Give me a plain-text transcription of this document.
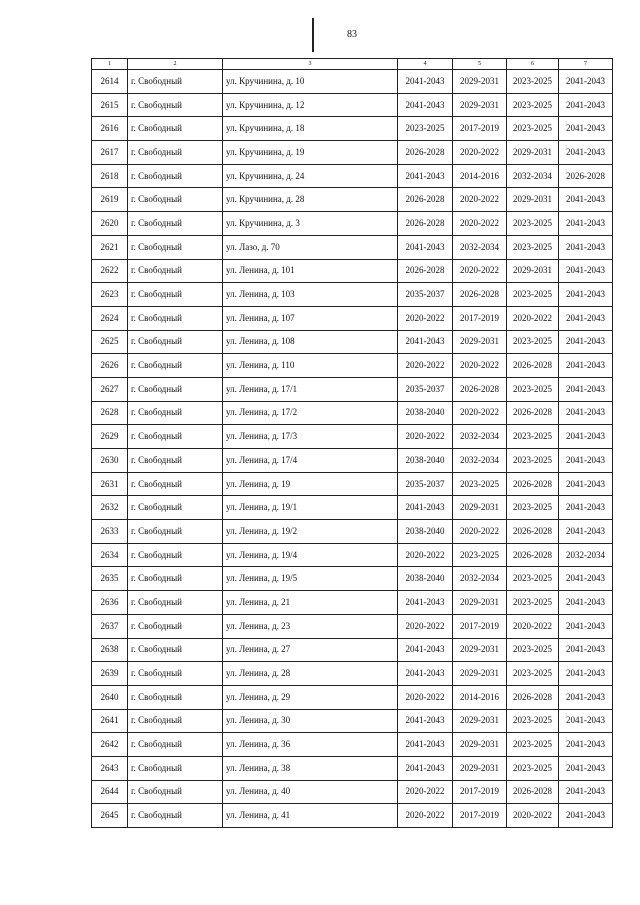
83
1	2	3	4	5	6	7
2614	г. Свободный	ул. Кручинина, д. 10	2041-2043	2029-2031	2023-2025	2041-2043
2615	г. Свободный	ул. Кручинина, д. 12	2041-2043	2029-2031	2023-2025	2041-2043
2616	г. Свободный	ул. Кручинина, д. 18	2023-2025	2017-2019	2023-2025	2041-2043
2617	г. Свободный	ул. Кручинина, д. 19	2026-2028	2020-2022	2029-2031	2041-2043
2618	г. Свободный	ул. Кручинина, д. 24	2041-2043	2014-2016	2032-2034	2026-2028
2619	г. Свободный	ул. Кручинина, д. 28	2026-2028	2020-2022	2029-2031	2041-2043
2620	г. Свободный	ул. Кручинина, д. 3	2026-2028	2020-2022	2023-2025	2041-2043
2621	г. Свободный	ул. Лазо, д. 70	2041-2043	2032-2034	2023-2025	2041-2043
2622	г. Свободный	ул. Ленина, д. 101	2026-2028	2020-2022	2029-2031	2041-2043
2623	г. Свободный	ул. Ленина, д. 103	2035-2037	2026-2028	2023-2025	2041-2043
2624	г. Свободный	ул. Ленина, д. 107	2020-2022	2017-2019	2020-2022	2041-2043
2625	г. Свободный	ул. Ленина, д. 108	2041-2043	2029-2031	2023-2025	2041-2043
2626	г. Свободный	ул. Ленина, д. 110	2020-2022	2020-2022	2026-2028	2041-2043
2627	г. Свободный	ул. Ленина, д. 17/1	2035-2037	2026-2028	2023-2025	2041-2043
2628	г. Свободный	ул. Ленина, д. 17/2	2038-2040	2020-2022	2026-2028	2041-2043
2629	г. Свободный	ул. Ленина, д. 17/3	2020-2022	2032-2034	2023-2025	2041-2043
2630	г. Свободный	ул. Ленина, д. 17/4	2038-2040	2032-2034	2023-2025	2041-2043
2631	г. Свободный	ул. Ленина, д. 19	2035-2037	2023-2025	2026-2028	2041-2043
2632	г. Свободный	ул. Ленина, д. 19/1	2041-2043	2029-2031	2023-2025	2041-2043
2633	г. Свободный	ул. Ленина, д. 19/2	2038-2040	2020-2022	2026-2028	2041-2043
2634	г. Свободный	ул. Ленина, д. 19/4	2020-2022	2023-2025	2026-2028	2032-2034
2635	г. Свободный	ул. Ленина, д. 19/5	2038-2040	2032-2034	2023-2025	2041-2043
2636	г. Свободный	ул. Ленина, д. 21	2041-2043	2029-2031	2023-2025	2041-2043
2637	г. Свободный	ул. Ленина, д. 23	2020-2022	2017-2019	2020-2022	2041-2043
2638	г. Свободный	ул. Ленина, д. 27	2041-2043	2029-2031	2023-2025	2041-2043
2639	г. Свободный	ул. Ленина, д. 28	2041-2043	2029-2031	2023-2025	2041-2043
2640	г. Свободный	ул. Ленина, д. 29	2020-2022	2014-2016	2026-2028	2041-2043
2641	г. Свободный	ул. Ленина, д. 30	2041-2043	2029-2031	2023-2025	2041-2043
2642	г. Свободный	ул. Ленина, д. 36	2041-2043	2029-2031	2023-2025	2041-2043
2643	г. Свободный	ул. Ленина, д. 38	2041-2043	2029-2031	2023-2025	2041-2043
2644	г. Свободный	ул. Ленина, д. 40	2020-2022	2017-2019	2026-2028	2041-2043
2645	г. Свободный	ул. Ленина, д. 41	2020-2022	2017-2019	2020-2022	2041-2043
